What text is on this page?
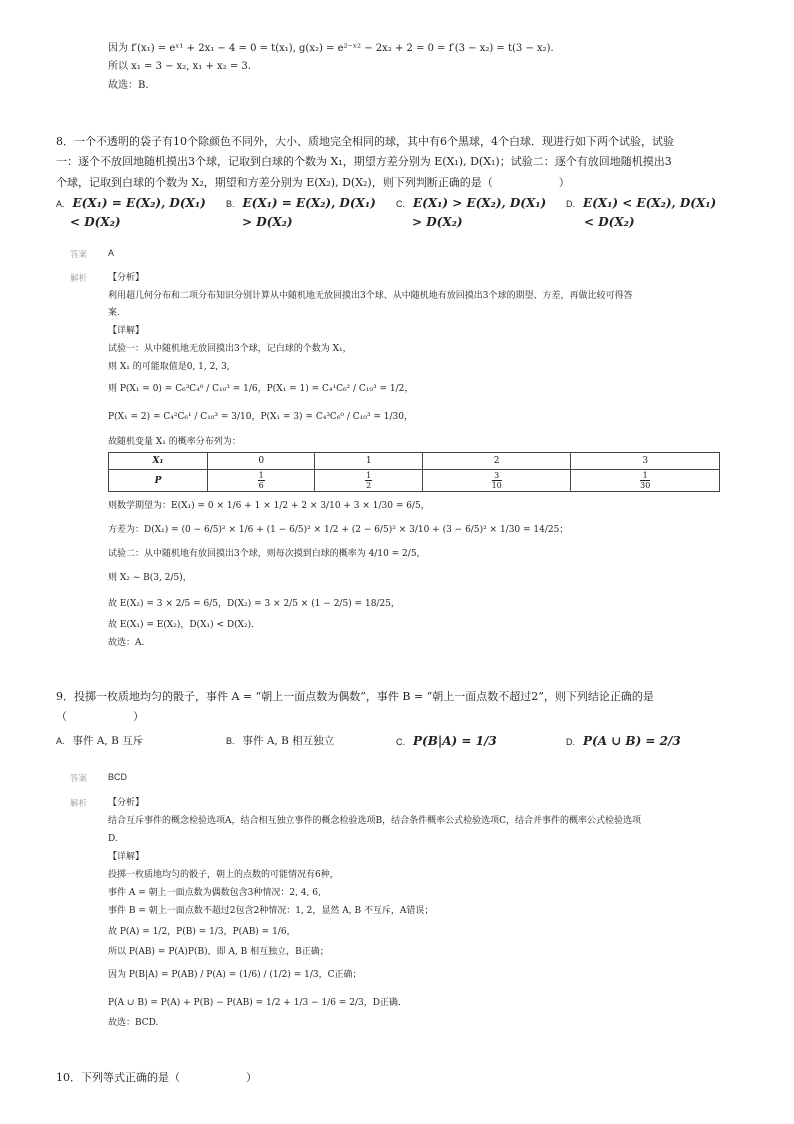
因为 f′(x₁) = eˣ¹ + 2x₁ − 4 = 0 = t(x₁), g(x₂) = e²⁻ˣ² − 2x₂ + 2 = 0 = f′(3 − x₂) = t(3 − x₂).
所以 x₁ = 3 − x₂, x₁ + x₂ = 3.
故选：B.
8．一个不透明的袋子有10个除颜色不同外，大小、质地完全相同的球，其中有6个黑球，4个白球．现进行如下两个试验，试验
一：逐个不放回地随机摸出3个球，记取到白球的个数为 X₁，期望方差分别为 E(X₁), D(X₁)；试验二：逐个有放回地随机摸出3
个球，记取到白球的个数为 X₂，期望和方差分别为 E(X₂), D(X₂)，则下列判断正确的是（　　　　　　）
A. E(X₁) = E(X₂), D(X₁)
< D(X₂)
B. E(X₁) = E(X₂), D(X₁)
> D(X₂)
C. E(X₁) > E(X₂), D(X₁)
> D(X₂)
D. E(X₁) < E(X₂), D(X₁)
< D(X₂)
答案 A
解析 【分析】
利用超几何分布和二项分布知识分别计算从中随机地无放回摸出3个球、从中随机地有放回摸出3个球的期望、方差，再做比较可得答
案.
【详解】
试验一：从中随机地无放回摸出3个球，记白球的个数为 X₁，
则 X₁ 的可能取值是0, 1, 2, 3,
则 P(X₁ = 0) = C₆³C₄⁰ / C₁₀³ = 1/6，P(X₁ = 1) = C₄¹C₆² / C₁₀³ = 1/2，
P(X₁ = 2) = C₄²C₆¹ / C₁₀³ = 3/10，P(X₁ = 3) = C₄³C₆⁰ / C₁₀³ = 1/30，
故随机变量 X₁ 的概率分布列为：
X₁	0	1	2	3
P	$\frac{1}{6}$	$\frac{1}{2}$	$\frac{3}{10}$	$\frac{1}{30}$
则数学期望为：E(X₁) = 0 × 1/6 + 1 × 1/2 + 2 × 3/10 + 3 × 1/30 = 6/5，
方差为：D(X₁) = (0 − 6/5)² × 1/6 + (1 − 6/5)² × 1/2 + (2 − 6/5)² × 3/10 + (3 − 6/5)² × 1/30 = 14/25；
试验二：从中随机地有放回摸出3个球，则每次摸到白球的概率为 4/10 = 2/5，
则 X₂ ~ B(3, 2/5)，
故 E(X₂) = 3 × 2/5 = 6/5，D(X₂) = 3 × 2/5 × (1 − 2/5) = 18/25，
故 E(X₁) = E(X₂)，D(X₁) < D(X₂)．
故选：A.
9．投掷一枚质地均匀的骰子，事件 A = “朝上一面点数为偶数”，事件 B = “朝上一面点数不超过2”，则下列结论正确的是
（　　　　　　）
A. 事件 A, B 互斥	B. 事件 A, B 相互独立	C. P(B|A) = 1/3	D. P(A ∪ B) = 2/3
答案 BCD
解析 【分析】
结合互斥事件的概念检验选项A，结合相互独立事件的概念检验选项B，结合条件概率公式检验选项C，结合并事件的概率公式检验选项
D.
【详解】
投掷一枚质地均匀的骰子，朝上的点数的可能情况有6种，
事件 A = 朝上一面点数为偶数包含3种情况：2, 4, 6,
事件 B = 朝上一面点数不超过2包含2种情况：1, 2，显然 A, B 不互斥，A错误；
故 P(A) = 1/2，P(B) = 1/3，P(AB) = 1/6，
所以 P(AB) = P(A)P(B)，即 A, B 相互独立，B正确；
因为 P(B|A) = P(AB) / P(A) = (1/6) / (1/2) = 1/3，C正确；
P(A ∪ B) = P(A) + P(B) − P(AB) = 1/2 + 1/3 − 1/6 = 2/3，D正确．
故选：BCD.
10．下列等式正确的是（　　　　　　）
